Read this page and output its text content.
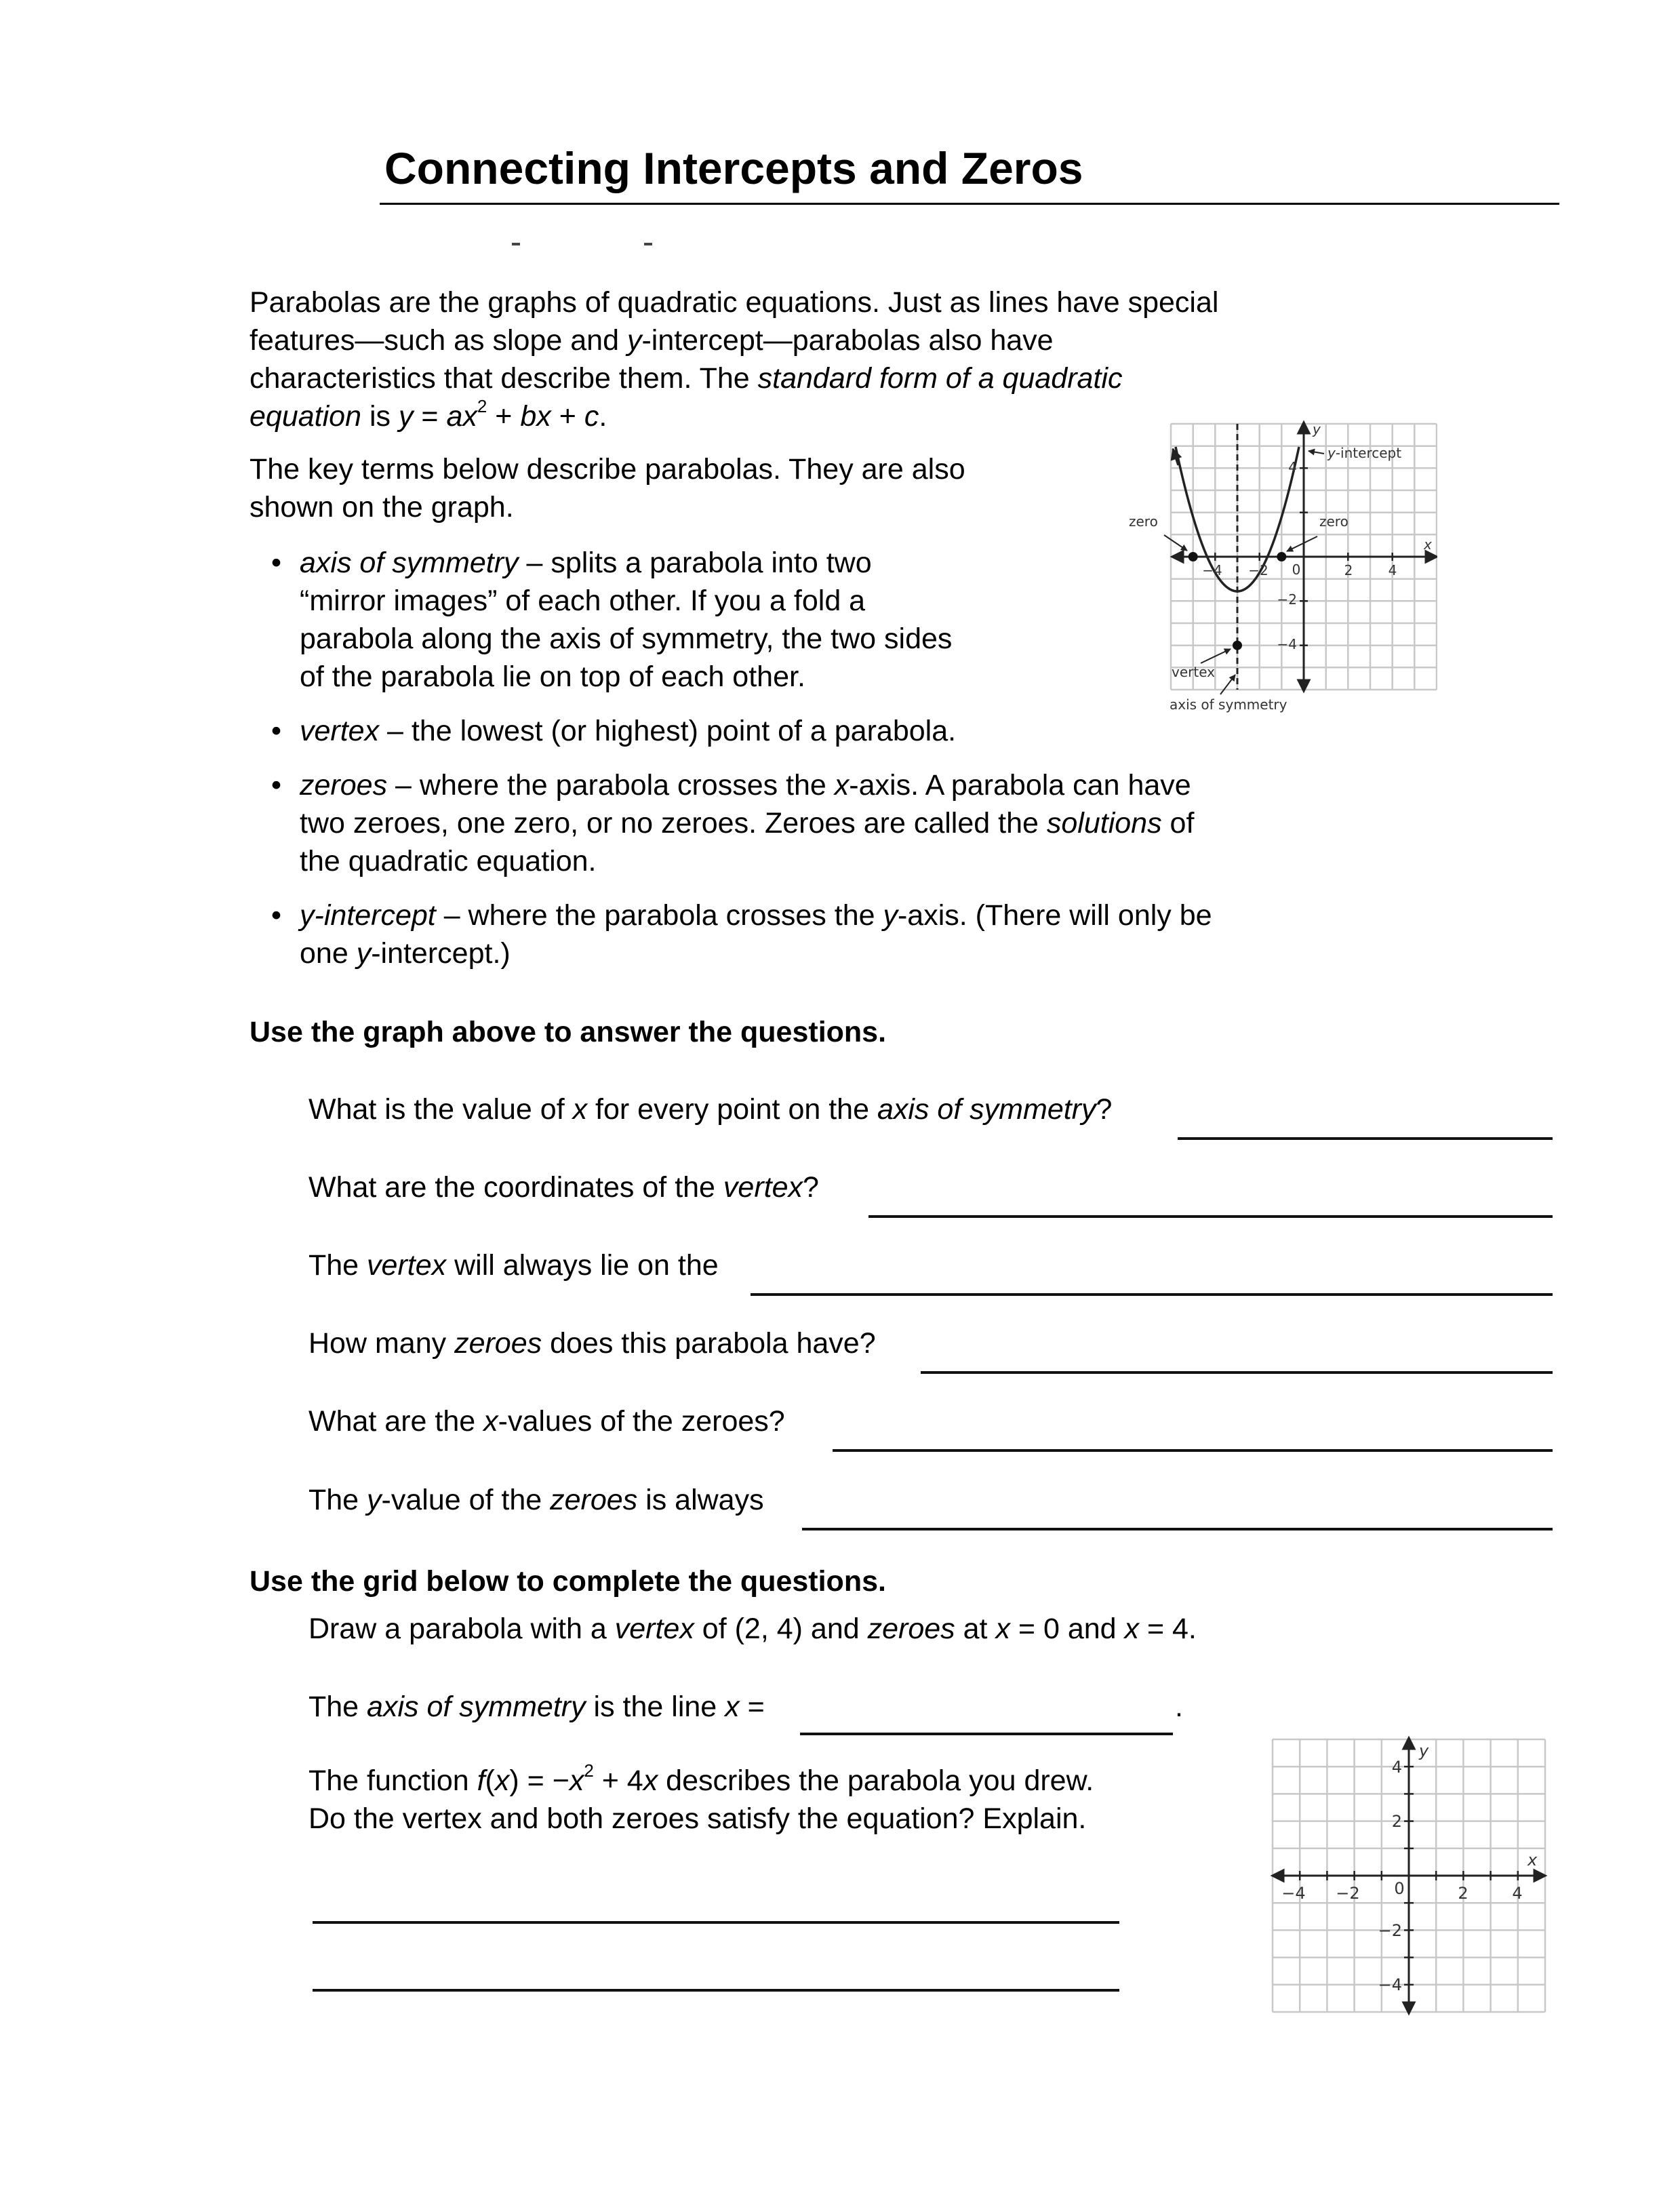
Connecting Intercepts and Zeros
Parabolas are the graphs of quadratic equations. Just as lines have special
features—such as slope and y-intercept—parabolas also have
characteristics that describe them. The standard form of a quadratic
equation is $y = ax^2$ + bx + c.
The key terms below describe parabolas. They are also
shown on the graph.
• axis of symmetry – splits a parabola into two
“mirror images” of each other. If you a fold a
parabola along the axis of symmetry, the two sides
of the parabola lie on top of each other.
• vertex – the lowest (or highest) point of a parabola.
• zeroes – where the parabola crosses the x-axis. A parabola can have
two zeroes, one zero, or no zeroes. Zeroes are called the solutions of
the quadratic equation.
• y-intercept – where the parabola crosses the y-axis. (There will only be
one y-intercept.)
−4 −2 0	2	4
4
−2
−4
y
x
y-intercept
zero	zero
vertex
axis of symmetry
Use the graph above to answer the questions.
What is the value of x for every point on the axis of symmetry?
What are the coordinates of the vertex?
The vertex will always lie on the
How many zeroes does this parabola have?
What are the x-values of the zeroes?
The y-value of the zeroes is always
Use the grid below to complete the questions.
Draw a parabola with a vertex of (2, 4) and zeroes at x = 0 and x = 4.
The axis of symmetry is the line x =	.
The function $f(x) = -x^2 + 4x$ describes the parabola you drew.
Do the vertex and both zeroes satisfy the equation? Explain.
−4 −2 0	2	4
4
2
−2
−4
y
x
